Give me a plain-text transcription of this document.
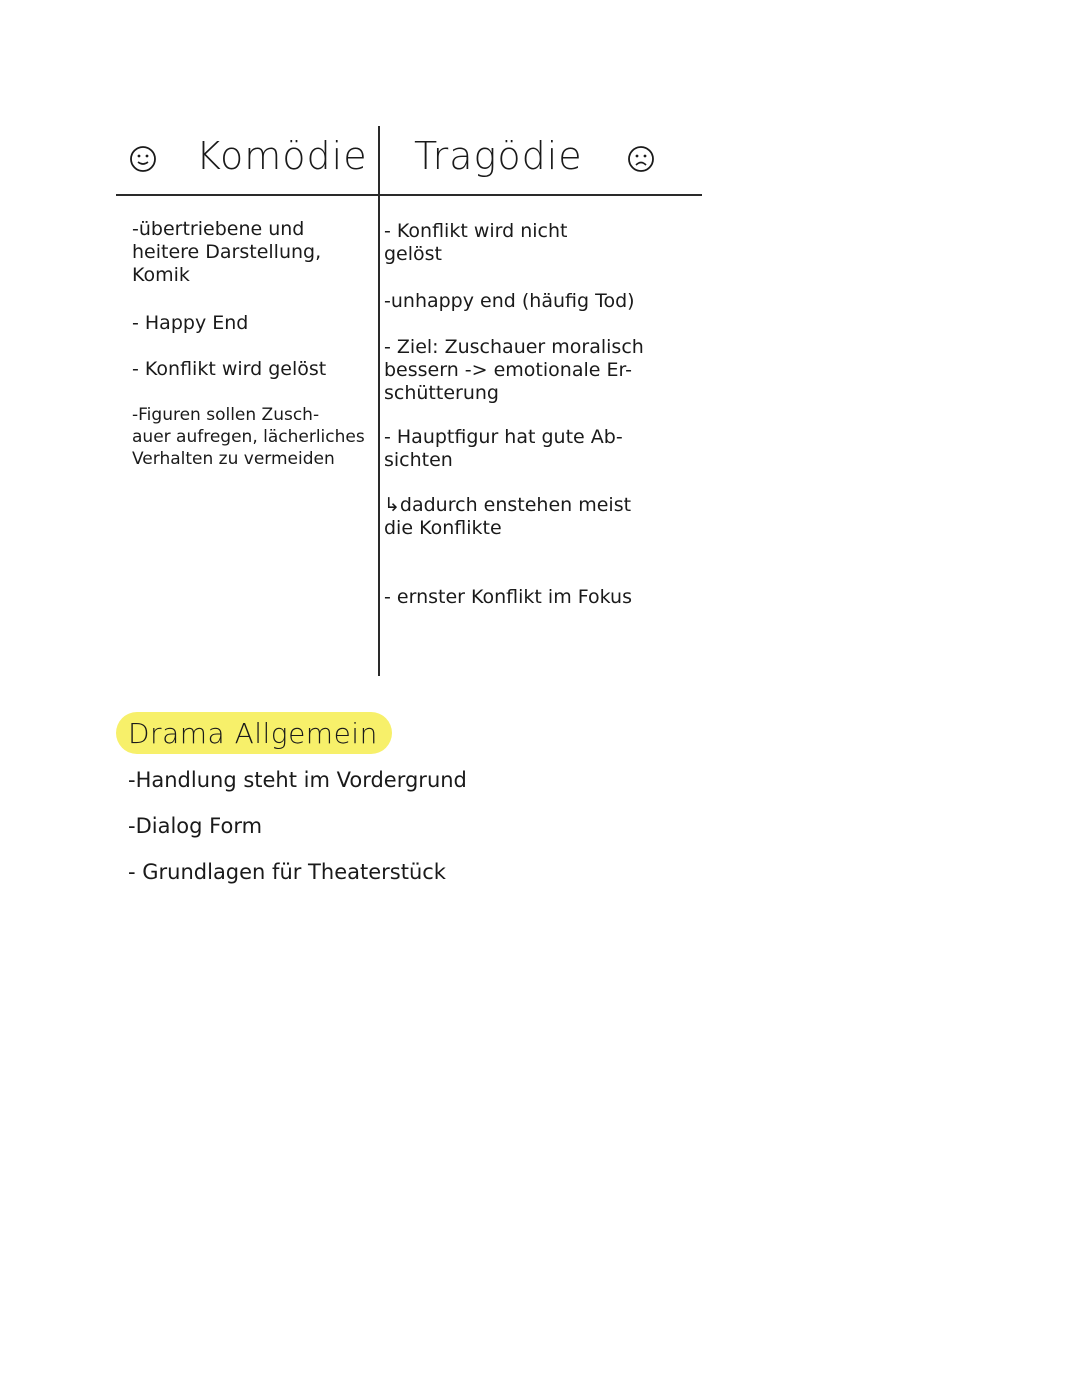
Komödie Tragödie
-übertriebene und
heitere Darstellung,
Komik
- Happy End
- Konflikt wird gelöst
-Figuren sollen Zusch-
auer aufregen, lächerliches
Verhalten zu vermeiden
- Konflikt wird nicht
gelöst
-unhappy end (häufig Tod)
- Ziel: Zuschauer moralisch
bessern -> emotionale Er-
schütterung
- Hauptfigur hat gute Ab-
sichten
↳dadurch enstehen meist
die Konflikte
- ernster Konflikt im Fokus
Drama Allgemein
-Handlung steht im Vordergrund
-Dialog Form
- Grundlagen für Theaterstück
